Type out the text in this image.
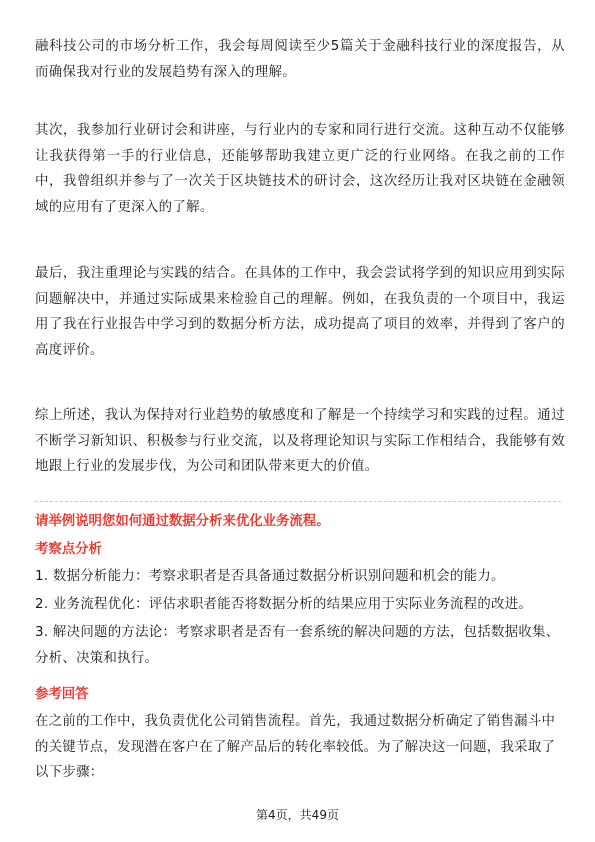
融科技公司的市场分析工作，我会每周阅读至少5篇关于金融科技行业的深度报告，从而确保我对行业的发展趋势有深入的理解。

其次，我参加行业研讨会和讲座，与行业内的专家和同行进行交流。这种互动不仅能够让我获得第一手的行业信息，还能够帮助我建立更广泛的行业网络。在我之前的工作中，我曾组织并参与了一次关于区块链技术的研讨会，这次经历让我对区块链在金融领域的应用有了更深入的了解。

最后，我注重理论与实践的结合。在具体的工作中，我会尝试将学到的知识应用到实际问题解决中，并通过实际成果来检验自己的理解。例如，在我负责的一个项目中，我运用了我在行业报告中学习到的数据分析方法，成功提高了项目的效率，并得到了客户的高度评价。

综上所述，我认为保持对行业趋势的敏感度和了解是一个持续学习和实践的过程。通过不断学习新知识、积极参与行业交流，以及将理论知识与实际工作相结合，我能够有效地跟上行业的发展步伐，为公司和团队带来更大的价值。

请举例说明您如何通过数据分析来优化业务流程。

考察点分析

1. 数据分析能力：考察求职者是否具备通过数据分析识别问题和机会的能力。

2. 业务流程优化：评估求职者能否将数据分析的结果应用于实际业务流程的改进。

3. 解决问题的方法论：考察求职者是否有一套系统的解决问题的方法，包括数据收集、分析、决策和执行。

参考回答

在之前的工作中，我负责优化公司销售流程。首先，我通过数据分析确定了销售漏斗中的关键节点，发现潜在客户在了解产品后的转化率较低。为了解决这一问题，我采取了以下步骤：

第4页，共49页
